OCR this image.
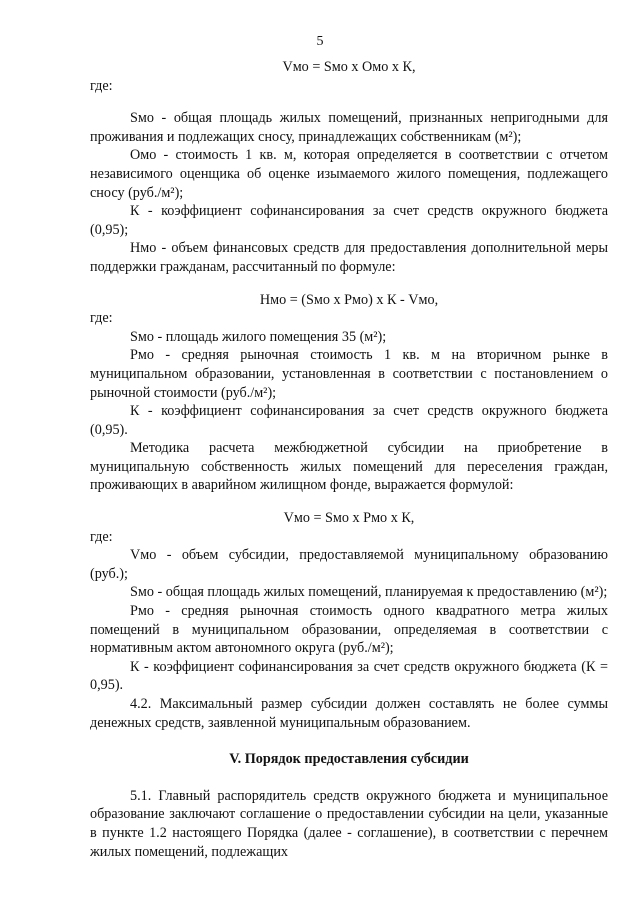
5

Vмо = Sмо х Омо х К,

где:

Sмо - общая площадь жилых помещений, признанных непригодными для проживания и подлежащих сносу, принадлежащих собственникам (м²);

Омо - стоимость 1 кв. м, которая определяется в соответствии с отчетом независимого оценщика об оценке изымаемого жилого помещения, подлежащего сносу (руб./м²);

К - коэффициент софинансирования за счет средств окружного бюджета (0,95);

Нмо - объем финансовых средств для предоставления дополнительной меры поддержки гражданам, рассчитанный по формуле:

Нмо = (Sмо х Рмо) х К - Vмо,

где:

Sмо - площадь жилого помещения 35 (м²);

Рмо - средняя рыночная стоимость 1 кв. м на вторичном рынке в муниципальном образовании, установленная в соответствии с постановлением о рыночной стоимости (руб./м²);

К - коэффициент софинансирования за счет средств окружного бюджета (0,95).

Методика расчета межбюджетной субсидии на приобретение в муниципальную собственность жилых помещений для переселения граждан, проживающих в аварийном жилищном фонде, выражается формулой:

Vмо = Sмо х Рмо х К,

где:

Vмо - объем субсидии, предоставляемой муниципальному образованию (руб.);

Sмо - общая площадь жилых помещений, планируемая к предоставлению (м²);

Рмо - средняя рыночная стоимость одного квадратного метра жилых помещений в муниципальном образовании, определяемая в соответствии с нормативным актом автономного округа (руб./м²);

К - коэффициент софинансирования за счет средств окружного бюджета (К = 0,95).

4.2. Максимальный размер субсидии должен составлять не более суммы денежных средств, заявленной муниципальным образованием.

V. Порядок предоставления субсидии

5.1. Главный распорядитель средств окружного бюджета и муниципальное образование заключают соглашение о предоставлении субсидии на цели, указанные в пункте 1.2 настоящего Порядка (далее - соглашение), в соответствии с перечнем жилых помещений, подлежащих
